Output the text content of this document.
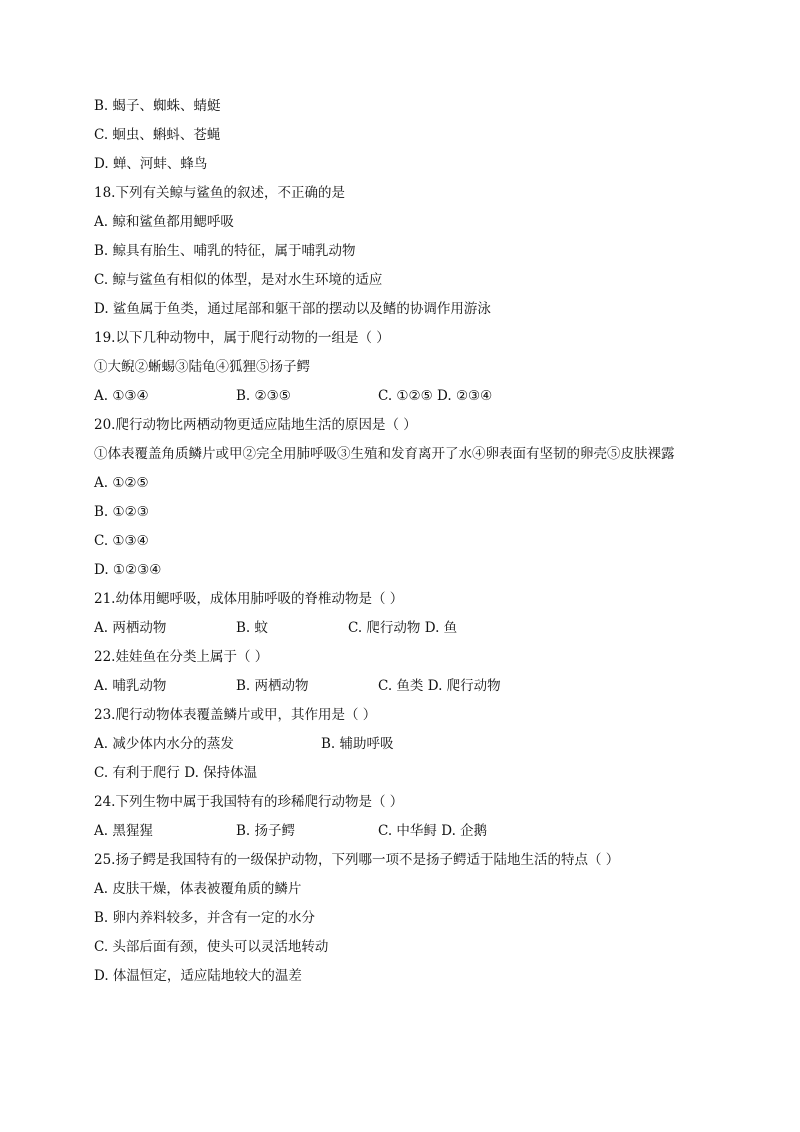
B. 蝎子、蜘蛛、蜻蜓
C. 蛔虫、蝌蚪、苍蝇
D. 蝉、河蚌、蜂鸟
18.下列有关鲸与鲨鱼的叙述，不正确的是
A. 鲸和鲨鱼都用鳃呼吸
B. 鲸具有胎生、哺乳的特征，属于哺乳动物
C. 鲸与鲨鱼有相似的体型，是对水生环境的适应
D. 鲨鱼属于鱼类，通过尾部和躯干部的摆动以及鳍的协调作用游泳
19.以下几种动物中，属于爬行动物的一组是（ ）
①大鲵②蜥蜴③陆龟④狐狸⑤扬子鳄
A. ①③④	B. ②③⑤	C. ①②⑤ D. ②③④
20.爬行动物比两栖动物更适应陆地生活的原因是（ ）
①体表覆盖角质鳞片或甲②完全用肺呼吸③生殖和发育离开了水④卵表面有坚韧的卵壳⑤皮肤裸露
A. ①②⑤
B. ①②③
C. ①③④
D. ①②③④
21.幼体用鳃呼吸，成体用肺呼吸的脊椎动物是（ ）
A. 两栖动物	B. 蚊	C. 爬行动物 D. 鱼
22.娃娃鱼在分类上属于（ ）
A. 哺乳动物	B. 两栖动物	C. 鱼类 D. 爬行动物
23.爬行动物体表覆盖鳞片或甲，其作用是（ ）
A. 减少体内水分的蒸发	B. 辅助呼吸
C. 有利于爬行 D. 保持体温
24.下列生物中属于我国特有的珍稀爬行动物是（ ）
A. 黑猩猩	B. 扬子鳄	C. 中华鲟 D. 企鹅
25.扬子鳄是我国特有的一级保护动物，下列哪一项不是扬子鳄适于陆地生活的特点（ ）
A. 皮肤干燥，体表被覆角质的鳞片
B. 卵内养料较多，并含有一定的水分
C. 头部后面有颈，使头可以灵活地转动
D. 体温恒定，适应陆地较大的温差
